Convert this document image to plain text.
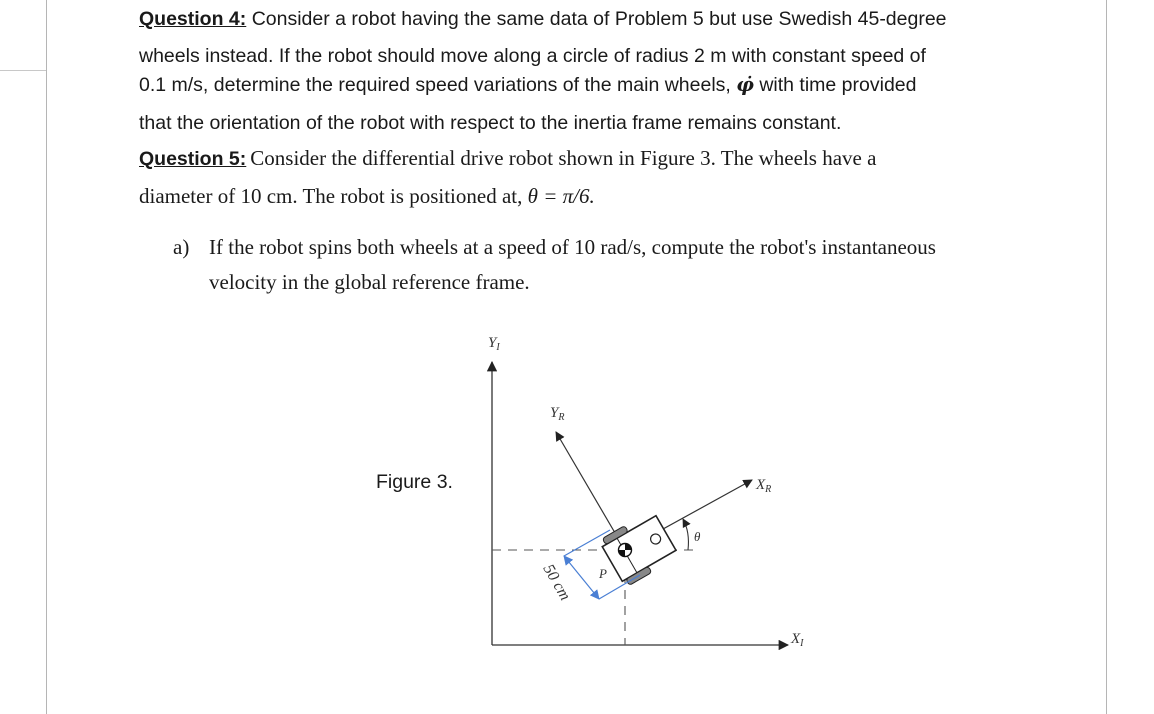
Question 4: Consider a robot having the same data of Problem 5 but use Swedish 45-degree
wheels instead. If the robot should move along a circle of radius 2 m with constant speed of
0.1 m/s, determine the required speed variations of the main wheels, φ̇ with time provided
that the orientation of the robot with respect to the inertia frame remains constant.
Question 5: Consider the differential drive robot shown in Figure 3. The wheels have a
diameter of 10 cm. The robot is positioned at, θ = π/6.
a) If the robot spins both wheels at a speed of 10 rad/s, compute the robot's instantaneous
velocity in the global reference frame.
Figure 3.
$Y_I$
$X_I$
$Y_R$
$X_R$
P
θ
50 cm
